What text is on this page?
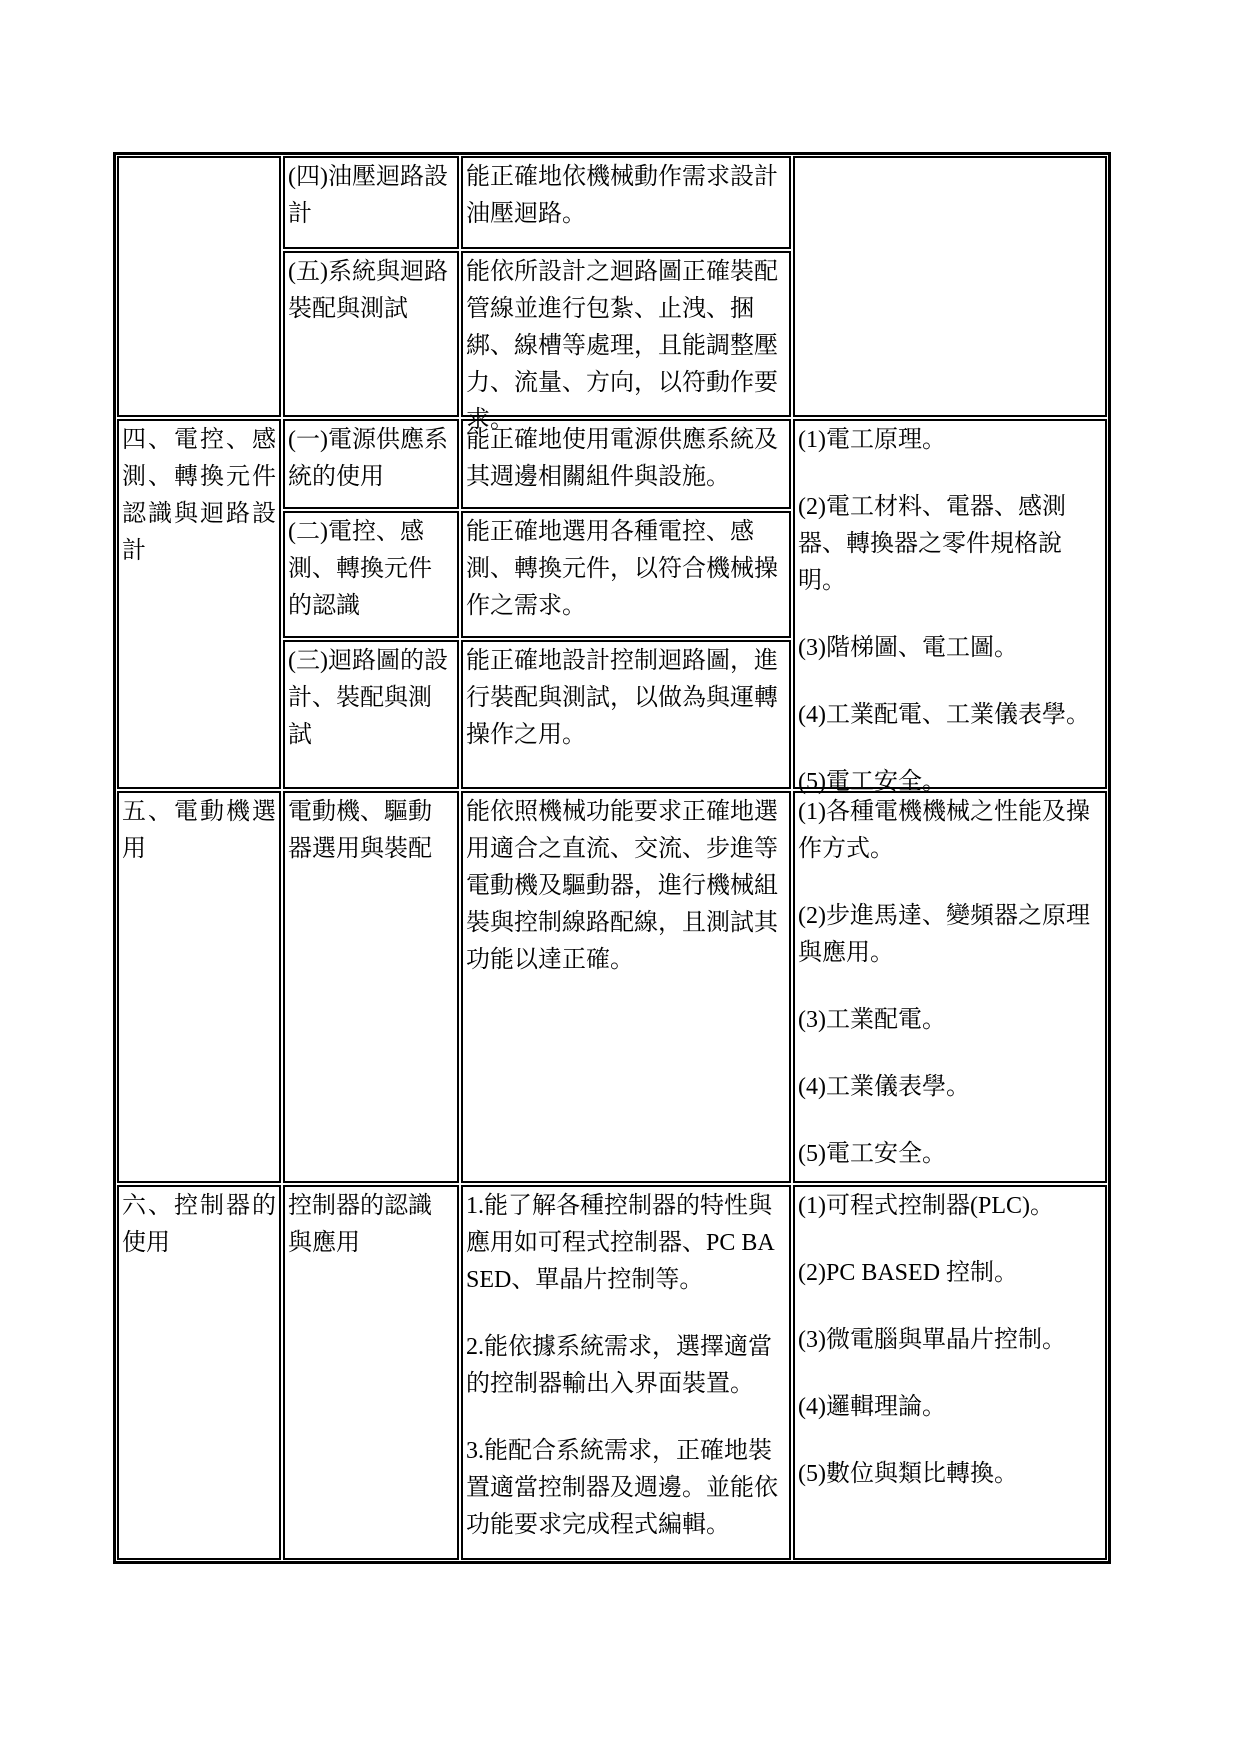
(四)油壓迴路設計
能正確地依機械動作需求設計油壓迴路。
(五)系統與迴路裝配與測試
能依所設計之迴路圖正確裝配管線並進行包紮、止洩、捆綁、線槽等處理，且能調整壓力、流量、方向，以符動作要求。
四、電控、感測、轉換元件認識與迴路設計
(一)電源供應系統的使用
能正確地使用電源供應系統及其週邊相關組件與設施。
(二)電控、感測、轉換元件的認識
能正確地選用各種電控、感測、轉換元件，以符合機械操作之需求。
(三)迴路圖的設計、裝配與測試
能正確地設計控制迴路圖，進行裝配與測試，以做為與運轉操作之用。

(1)電工原理。

(2)電工材料、電器、感測器、轉換器之零件規格說明。

(3)階梯圖、電工圖。

(4)工業配電、工業儀表學。

(5)電工安全。

五、電動機選用
電動機、驅動器選用與裝配
能依照機械功能要求正確地選用適合之直流、交流、步進等電動機及驅動器，進行機械組裝與控制線路配線，且測試其功能以達正確。

(1)各種電機機械之性能及操作方式。

(2)步進馬達、變頻器之原理與應用。

(3)工業配電。

(4)工業儀表學。

(5)電工安全。

六、控制器的使用
控制器的認識與應用

1.能了解各種控制器的特性與應用如可程式控制器、PC BASED、單晶片控制等。

2.能依據系統需求，選擇適當的控制器輸出入界面裝置。

3.能配合系統需求，正確地裝置適當控制器及週邊。並能依功能要求完成程式編輯。

(1)可程式控制器(PLC)。

(2)PC BASED 控制。

(3)微電腦與單晶片控制。

(4)邏輯理論。

(5)數位與類比轉換。
